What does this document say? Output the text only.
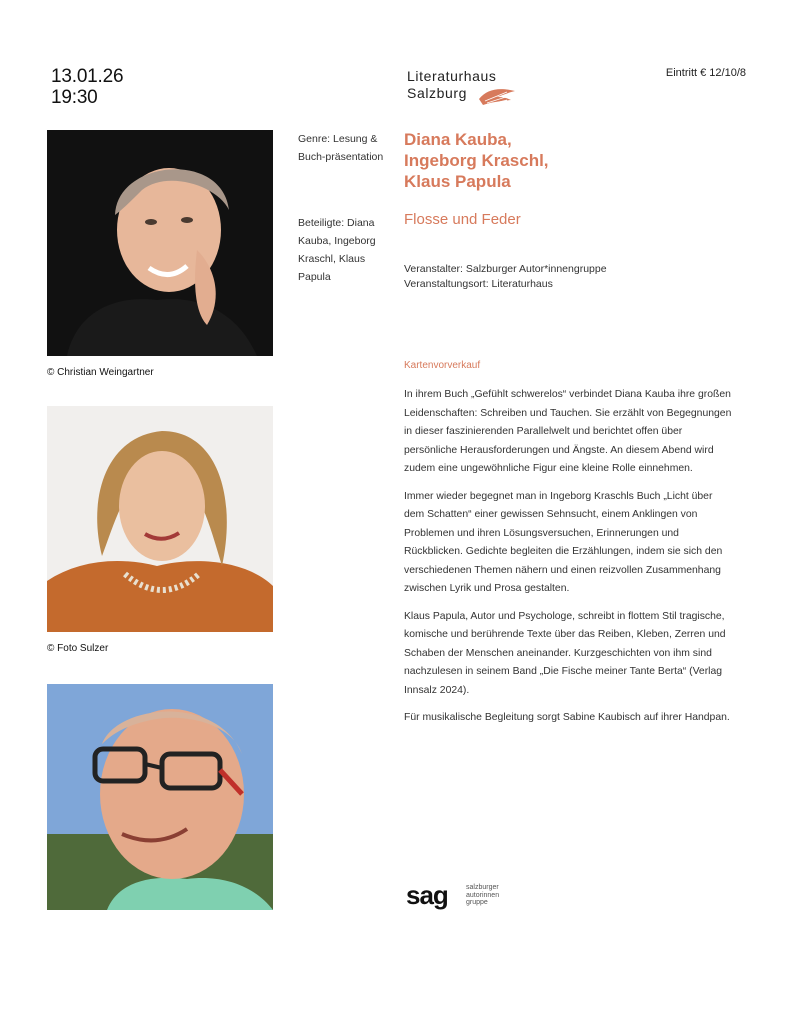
13.01.26
19:30
Literaturhaus
Salzburg
Eintritt € 12/10/8
© Christian Weingartner
© Foto Sulzer
Genre: Lesung & Buch-präsentation
Beteiligte: Diana Kauba, Ingeborg Kraschl, Klaus Papula
Diana Kauba,
Ingeborg Kraschl,
Klaus Papula
Flosse und Feder
Veranstalter: Salzburger Autor*innengruppe
Veranstaltungsort: Literaturhaus
Kartenvorverkauf

In ihrem Buch „Gefühlt schwerelos“ verbindet Diana Kauba ihre großen Leidenschaften: Schreiben und Tauchen. Sie erzählt von Begegnungen in dieser faszinierenden Parallelwelt und berichtet offen über persönliche Herausforderungen und Ängste. An diesem Abend wird zudem eine ungewöhnliche Figur eine kleine Rolle einnehmen.

Immer wieder begegnet man in Ingeborg Kraschls Buch „Licht über dem Schatten“ einer gewissen Sehnsucht, einem Anklingen von Problemen und ihren Lösungsversuchen, Erinnerungen und Rückblicken. Gedichte begleiten die Erzählungen, indem sie sich den verschiedenen Themen nähern und einen reizvollen Zusammenhang zwischen Lyrik und Prosa gestalten.

Klaus Papula, Autor und Psychologe, schreibt in flottem Stil tragische, komische und berührende Texte über das Reiben, Kleben, Zerren und Schaben der Menschen aneinander. Kurzgeschichten von ihm sind nachzulesen in seinem Band „Die Fische meiner Tante Berta“ (Verlag Innsalz 2024).

Für musikalische Begleitung sorgt Sabine Kaubisch auf ihrer Handpan.

sag	salzburger
autorinnen
gruppe
